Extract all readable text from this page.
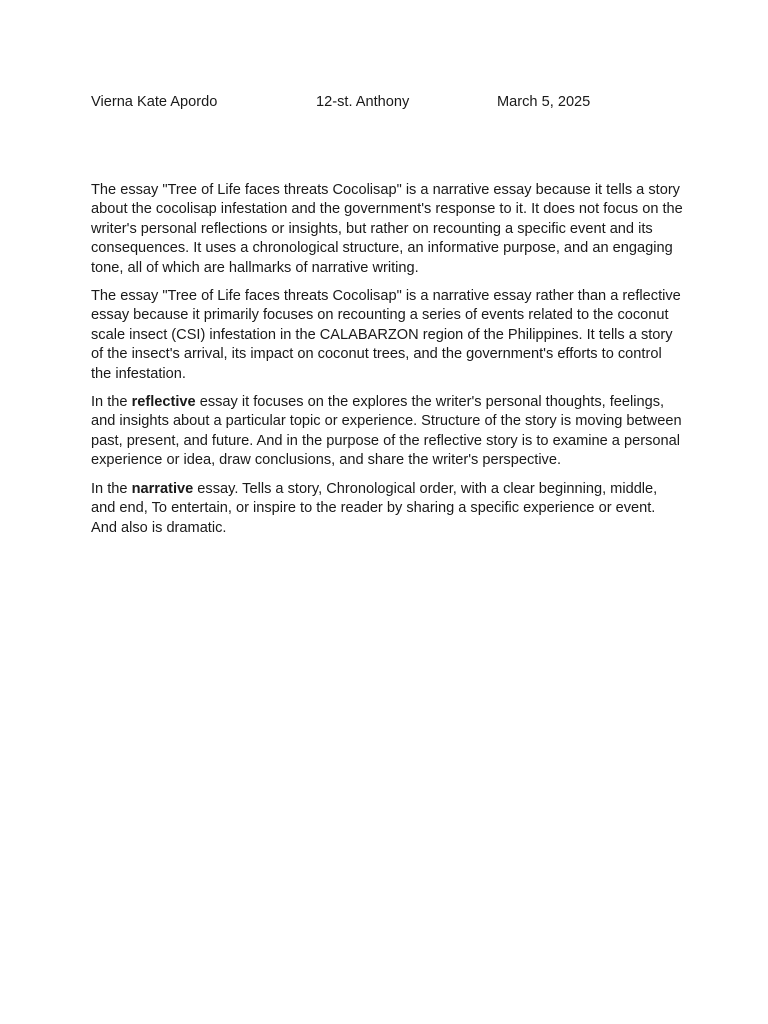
Vierna Kate Apordo	12-st. Anthony	March 5, 2025

The essay "Tree of Life faces threats Cocolisap" is a narrative essay because it tells a story about the cocolisap infestation and the government's response to it. It does not focus on the writer's personal reflections or insights, but rather on recounting a specific event and its consequences. It uses a chronological structure, an informative purpose, and an engaging tone, all of which are hallmarks of narrative writing.

The essay "Tree of Life faces threats Cocolisap" is a narrative essay rather than a reflective essay because it primarily focuses on recounting a series of events related to the coconut scale insect (CSI) infestation in the CALABARZON region of the Philippines. It tells a story of the insect's arrival, its impact on coconut trees, and the government's efforts to control the infestation.

In the reflective essay it focuses on the explores the writer's personal thoughts, feelings, and insights about a particular topic or experience. Structure of the story is moving between past, present, and future. And in the purpose of the reflective story is to examine a personal experience or idea, draw conclusions, and share the writer's perspective.

In the narrative essay. Tells a story, Chronological order, with a clear beginning, middle, and end, To entertain, or inspire to the reader by sharing a specific experience or event. And also is dramatic.
